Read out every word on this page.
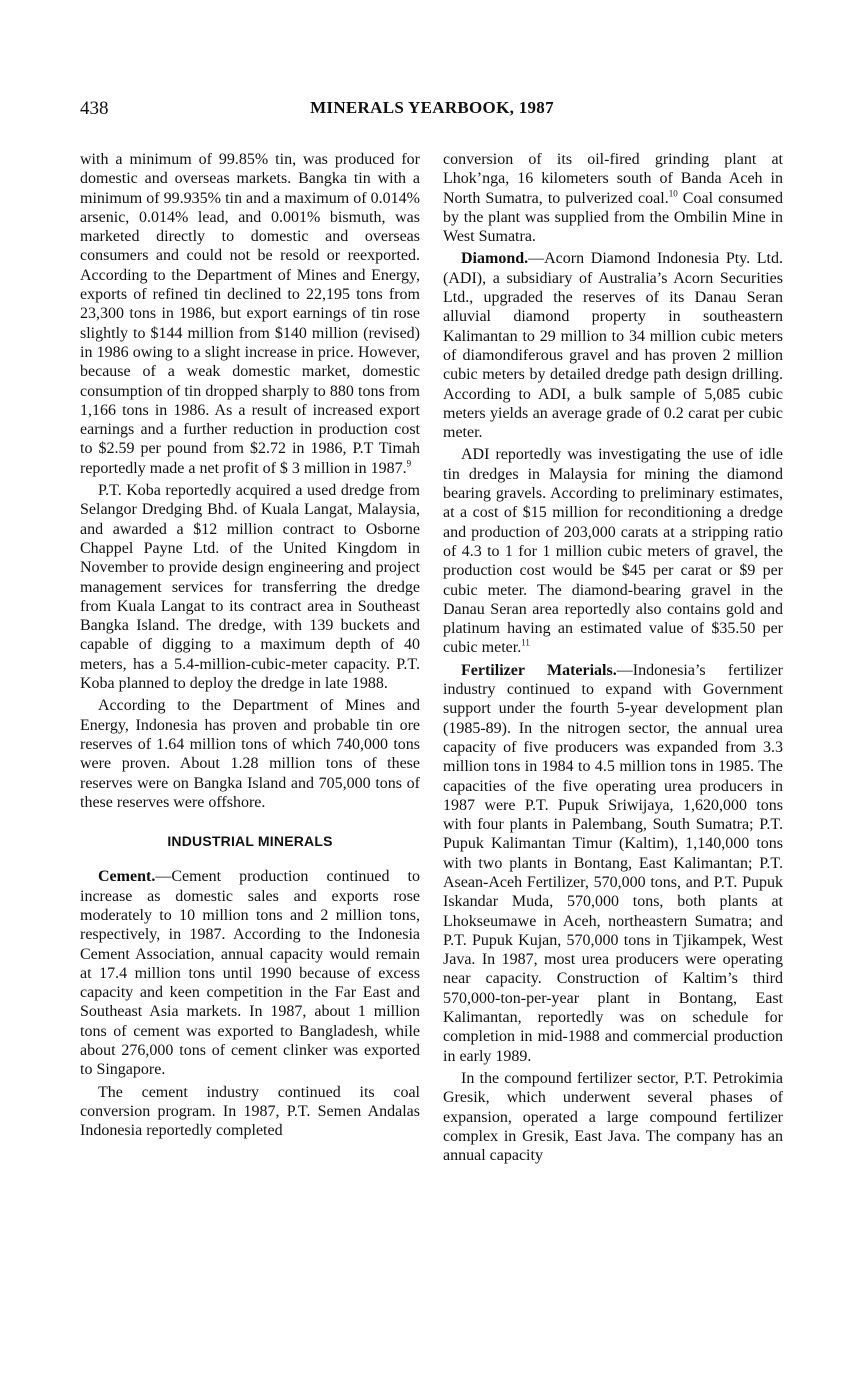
438	MINERALS YEARBOOK, 1987

with a minimum of 99.85% tin, was produced for domestic and overseas markets. Bangka tin with a minimum of 99.935% tin and a maximum of 0.014% arsenic, 0.014% lead, and 0.001% bismuth, was marketed directly to domestic and overseas consumers and could not be resold or reexported. According to the Department of Mines and Energy, exports of refined tin declined to 22,195 tons from 23,300 tons in 1986, but export earnings of tin rose slightly to $144 million from $140 million (revised) in 1986 owing to a slight increase in price. However, because of a weak domestic market, domestic consumption of tin dropped sharply to 880 tons from 1,166 tons in 1986. As a result of increased export earnings and a further reduction in production cost to $2.59 per pound from $2.72 in 1986, P.T Timah reportedly made a net profit of $ 3 million in 1987.$^9$

P.T. Koba reportedly acquired a used dredge from Selangor Dredging Bhd. of Kuala Langat, Malaysia, and awarded a $12 million contract to Osborne Chappel Payne Ltd. of the United Kingdom in November to provide design engineering and project management services for transferring the dredge from Kuala Langat to its contract area in Southeast Bangka Island. The dredge, with 139 buckets and capable of digging to a maximum depth of 40 meters, has a 5.4-million-cubic-meter capacity. P.T. Koba planned to deploy the dredge in late 1988.

According to the Department of Mines and Energy, Indonesia has proven and probable tin ore reserves of 1.64 million tons of which 740,000 tons were proven. About 1.28 million tons of these reserves were on Bangka Island and 705,000 tons of these reserves were offshore.

INDUSTRIAL MINERALS

Cement.—Cement production continued to increase as domestic sales and exports rose moderately to 10 million tons and 2 million tons, respectively, in 1987. According to the Indonesia Cement Association, annual capacity would remain at 17.4 million tons until 1990 because of excess capacity and keen competition in the Far East and Southeast Asia markets. In 1987, about 1 million tons of cement was exported to Bangladesh, while about 276,000 tons of cement clinker was exported to Singapore.

The cement industry continued its coal conversion program. In 1987, P.T. Semen Andalas Indonesia reportedly completed

conversion of its oil-fired grinding plant at Lhok’nga, 16 kilometers south of Banda Aceh in North Sumatra, to pulverized coal.$^{10}$ Coal consumed by the plant was supplied from the Ombilin Mine in West Sumatra.

Diamond.—Acorn Diamond Indonesia Pty. Ltd. (ADI), a subsidiary of Australia’s Acorn Securities Ltd., upgraded the reserves of its Danau Seran alluvial diamond property in southeastern Kalimantan to 29 million to 34 million cubic meters of diamondiferous gravel and has proven 2 million cubic meters by detailed dredge path design drilling. According to ADI, a bulk sample of 5,085 cubic meters yields an average grade of 0.2 carat per cubic meter.

ADI reportedly was investigating the use of idle tin dredges in Malaysia for mining the diamond bearing gravels. According to preliminary estimates, at a cost of $15 million for reconditioning a dredge and production of 203,000 carats at a stripping ratio of 4.3 to 1 for 1 million cubic meters of gravel, the production cost would be $45 per carat or $9 per cubic meter. The diamond-bearing gravel in the Danau Seran area reportedly also contains gold and platinum having an estimated value of $35.50 per cubic meter.$^{11}$

Fertilizer Materials.—Indonesia’s fertilizer industry continued to expand with Government support under the fourth 5-year development plan (1985-89). In the nitrogen sector, the annual urea capacity of five producers was expanded from 3.3 million tons in 1984 to 4.5 million tons in 1985. The capacities of the five operating urea producers in 1987 were P.T. Pupuk Sriwijaya, 1,620,000 tons with four plants in Palembang, South Sumatra; P.T. Pupuk Kalimantan Timur (Kaltim), 1,140,000 tons with two plants in Bontang, East Kalimantan; P.T. Asean-Aceh Fertilizer, 570,000 tons, and P.T. Pupuk Iskandar Muda, 570,000 tons, both plants at Lhokseumawe in Aceh, northeastern Sumatra; and P.T. Pupuk Kujan, 570,000 tons in Tjikampek, West Java. In 1987, most urea producers were operating near capacity. Construction of Kaltim’s third 570,000-ton-per-year plant in Bontang, East Kalimantan, reportedly was on schedule for completion in mid-1988 and commercial production in early 1989.

In the compound fertilizer sector, P.T. Petrokimia Gresik, which underwent several phases of expansion, operated a large compound fertilizer complex in Gresik, East Java. The company has an annual capacity
